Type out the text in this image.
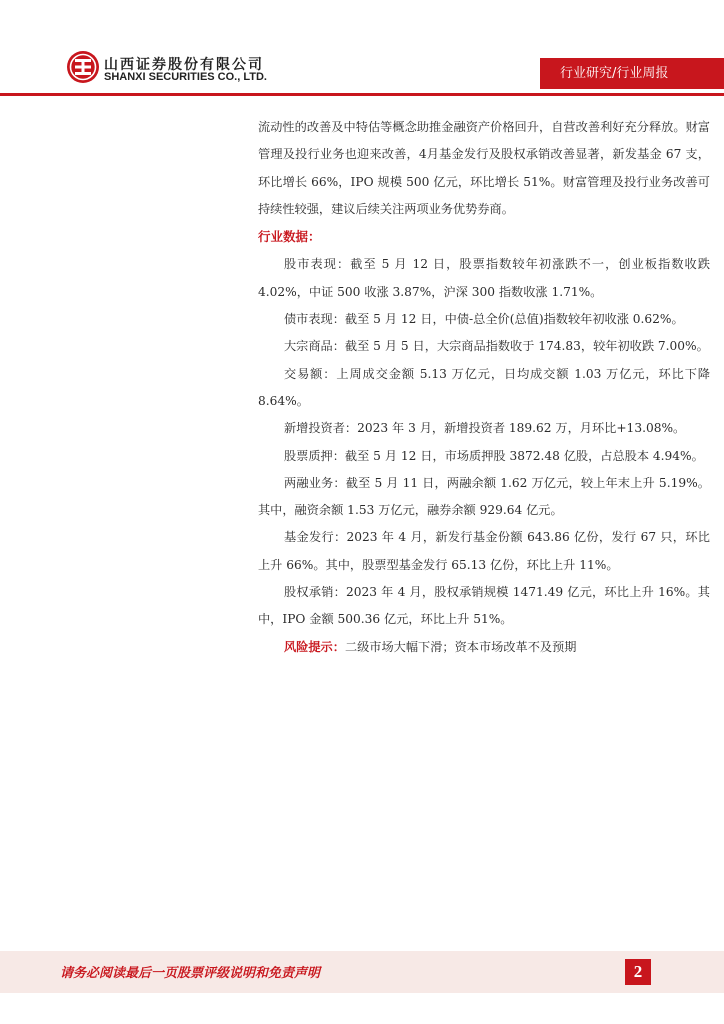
山西证券股份有限公司
SHANXI SECURITIES CO., LTD.	行业研究/行业周报

流动性的改善及中特估等概念助推金融资产价格回升，自营改善利好充分释放。财富管理及投行业务也迎来改善，4月基金发行及股权承销改善显著，新发基金 67 支，环比增长 66%，IPO 规模 500 亿元，环比增长 51%。财富管理及投行业务改善可持续性较强，建议后续关注两项业务优势券商。

行业数据：

股市表现：截至 5 月 12 日，股票指数较年初涨跌不一，创业板指数收跌 4.02%，中证 500 收涨 3.87%，沪深 300 指数收涨 1.71%。

债市表现：截至 5 月 12 日，中债-总全价(总值)指数较年初收涨 0.62%。

大宗商品：截至 5 月 5 日，大宗商品指数收于 174.83，较年初收跌 7.00%。

交易额：上周成交金额 5.13 万亿元，日均成交额 1.03 万亿元，环比下降 8.64%。

新增投资者：2023 年 3 月，新增投资者 189.62 万，月环比+13.08%。

股票质押：截至 5 月 12 日，市场质押股 3872.48 亿股，占总股本 4.94%。

两融业务：截至 5 月 11 日，两融余额 1.62 万亿元，较上年末上升 5.19%。其中，融资余额 1.53 万亿元，融券余额 929.64 亿元。

基金发行：2023 年 4 月，新发行基金份额 643.86 亿份，发行 67 只，环比上升 66%。其中，股票型基金发行 65.13 亿份，环比上升 11%。

股权承销：2023 年 4 月，股权承销规模 1471.49 亿元，环比上升 16%。其中，IPO 金额 500.36 亿元，环比上升 51%。

风险提示：二级市场大幅下滑；资本市场改革不及预期

请务必阅读最后一页股票评级说明和免责声明	2
